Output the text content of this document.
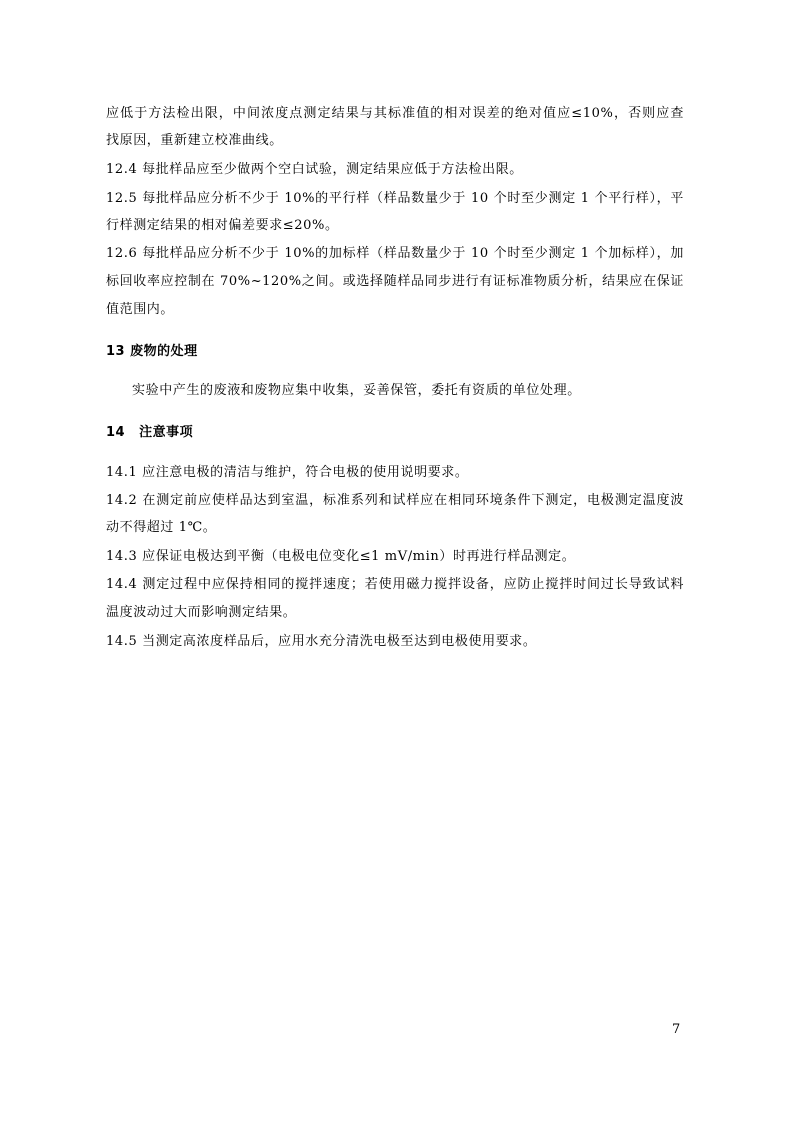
应低于方法检出限，中间浓度点测定结果与其标准值的相对误差的绝对值应≤10%，否则应查
找原因，重新建立校准曲线。
12.4 每批样品应至少做两个空白试验，测定结果应低于方法检出限。
12.5 每批样品应分析不少于 10%的平行样（样品数量少于 10 个时至少测定 1 个平行样），平
行样测定结果的相对偏差要求≤20%。
12.6 每批样品应分析不少于 10%的加标样（样品数量少于 10 个时至少测定 1 个加标样），加
标回收率应控制在 70%~120%之间。或选择随样品同步进行有证标准物质分析，结果应在保证
值范围内。
13 废物的处理
实验中产生的废液和废物应集中收集，妥善保管，委托有资质的单位处理。
14 注意事项
14.1 应注意电极的清洁与维护，符合电极的使用说明要求。
14.2 在测定前应使样品达到室温，标准系列和试样应在相同环境条件下测定，电极测定温度波
动不得超过 1℃。
14.3 应保证电极达到平衡（电极电位变化≤1 mV/min）时再进行样品测定。
14.4 测定过程中应保持相同的搅拌速度；若使用磁力搅拌设备，应防止搅拌时间过长导致试料
温度波动过大而影响测定结果。
14.5 当测定高浓度样品后，应用水充分清洗电极至达到电极使用要求。
7
